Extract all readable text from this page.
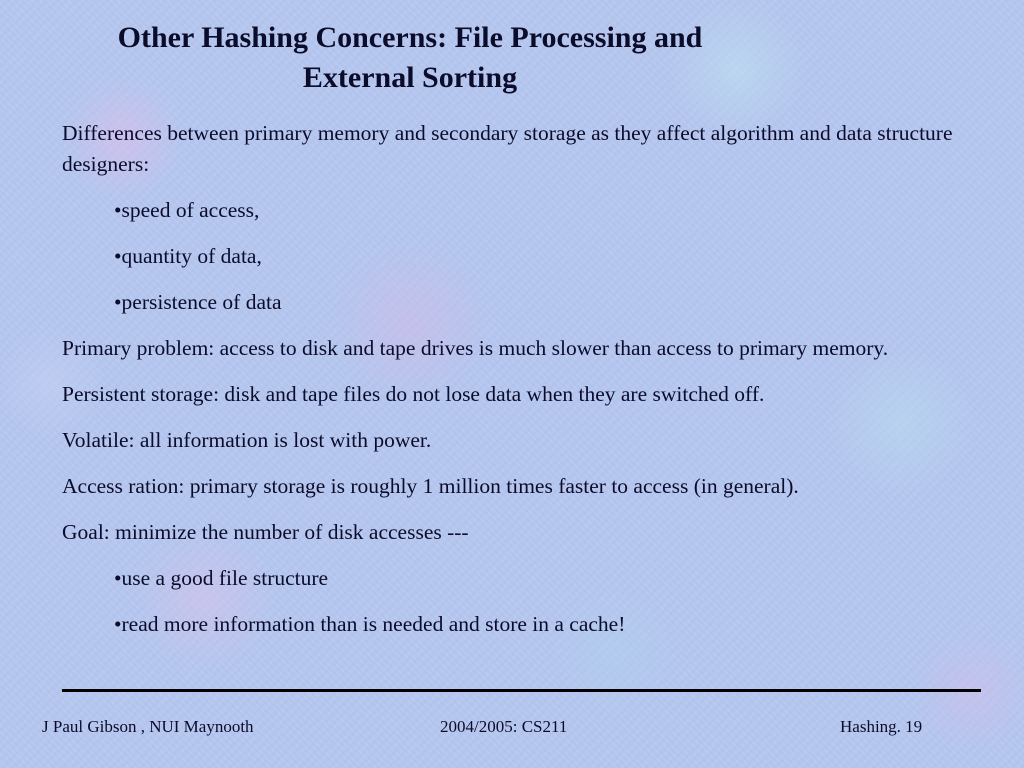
Other Hashing Concerns: File Processing and
External Sorting

Differences between primary memory and secondary storage as they affect algorithm and data structure designers:

•speed of access,

•quantity of data,

•persistence of data

Primary problem: access to disk and tape drives is much slower than access to primary memory.

Persistent storage: disk and tape files do not lose data when they are switched off.

Volatile: all information is lost with power.

Access ration: primary storage is roughly 1 million times faster to access (in general).

Goal: minimize the number of disk accesses ---

•use a good file structure

•read more information than is needed and store in a cache!

J Paul Gibson , NUI Maynooth	2004/2005: CS211	Hashing. 19
